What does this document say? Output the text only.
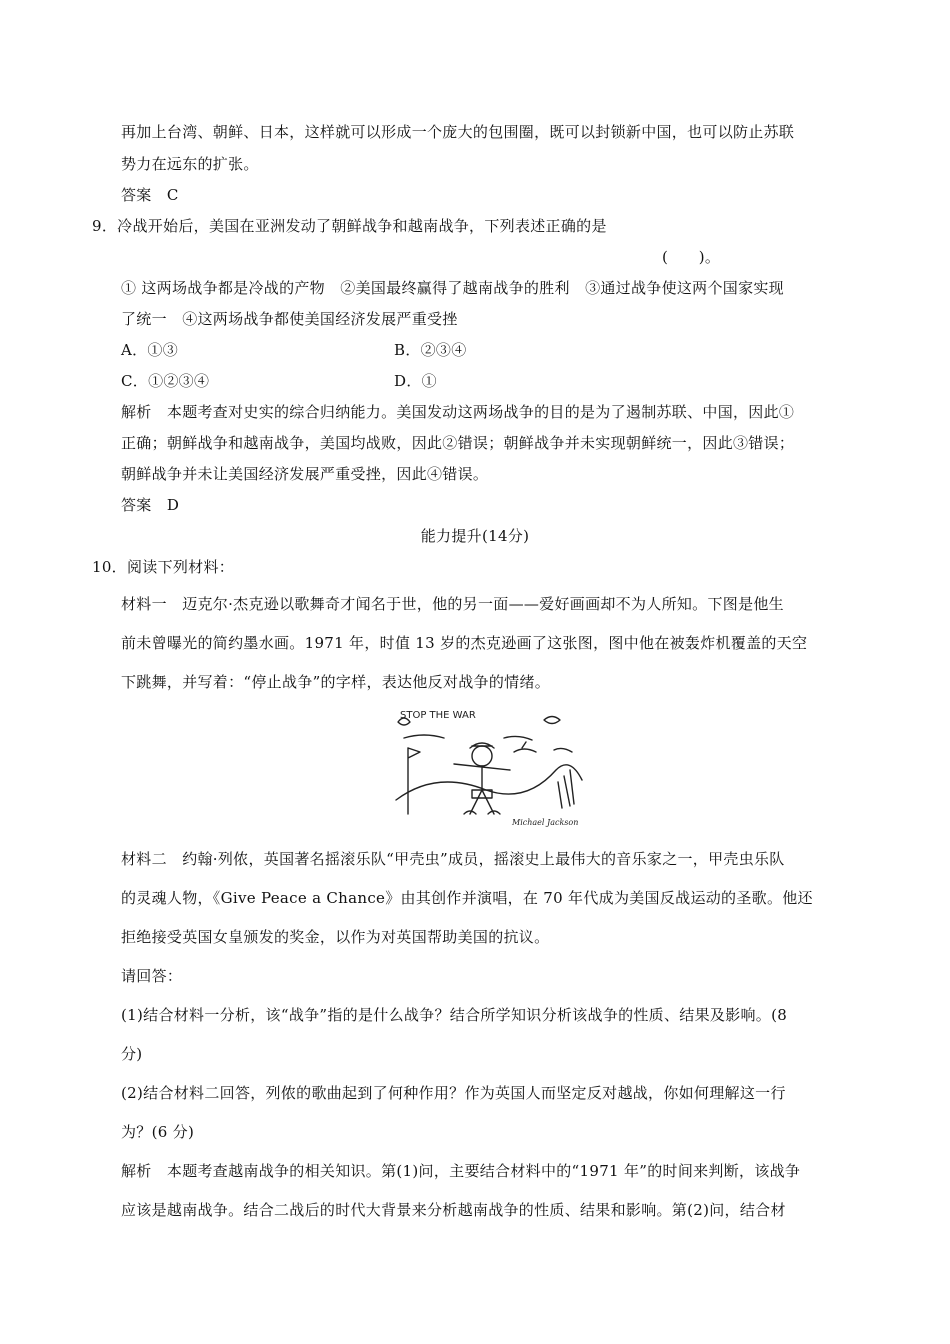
再加上台湾、朝鲜、日本，这样就可以形成一个庞大的包围圈，既可以封锁新中国，也可以防止苏联
势力在远东的扩张。
答案　C
9．冷战开始后，美国在亚洲发动了朝鲜战争和越南战争，下列表述正确的是
(　　)。
① 这两场战争都是冷战的产物　②美国最终赢得了越南战争的胜利　③通过战争使这两个国家实现
了统一　④这两场战争都使美国经济发展严重受挫
A．①③	B．②③④
C．①②③④	D．①
解析　本题考查对史实的综合归纳能力。美国发动这两场战争的目的是为了遏制苏联、中国，因此①
正确；朝鲜战争和越南战争，美国均战败，因此②错误；朝鲜战争并未实现朝鲜统一，因此③错误；
朝鲜战争并未让美国经济发展严重受挫，因此④错误。
答案　D
能力提升(14分)
10．阅读下列材料：
材料一　迈克尔·杰克逊以歌舞奇才闻名于世，他的另一面——爱好画画却不为人所知。下图是他生
前未曾曝光的简约墨水画。1971 年，时值 13 岁的杰克逊画了这张图，图中他在被轰炸机覆盖的天空
下跳舞，并写着：“停止战争”的字样，表达他反对战争的情绪。
STOP THE WAR
Michael Jackson
材料二　约翰·列侬，英国著名摇滚乐队“甲壳虫”成员，摇滚史上最伟大的音乐家之一，甲壳虫乐队
的灵魂人物，《Give Peace a Chance》由其创作并演唱，在 70 年代成为美国反战运动的圣歌。他还
拒绝接受英国女皇颁发的奖金，以作为对英国帮助美国的抗议。
请回答：
(1)结合材料一分析，该“战争”指的是什么战争？结合所学知识分析该战争的性质、结果及影响。(8
分)
(2)结合材料二回答，列侬的歌曲起到了何种作用？作为英国人而坚定反对越战，你如何理解这一行
为？(6 分)
解析　本题考查越南战争的相关知识。第(1)问，主要结合材料中的“1971 年”的时间来判断，该战争
应该是越南战争。结合二战后的时代大背景来分析越南战争的性质、结果和影响。第(2)问，结合材
